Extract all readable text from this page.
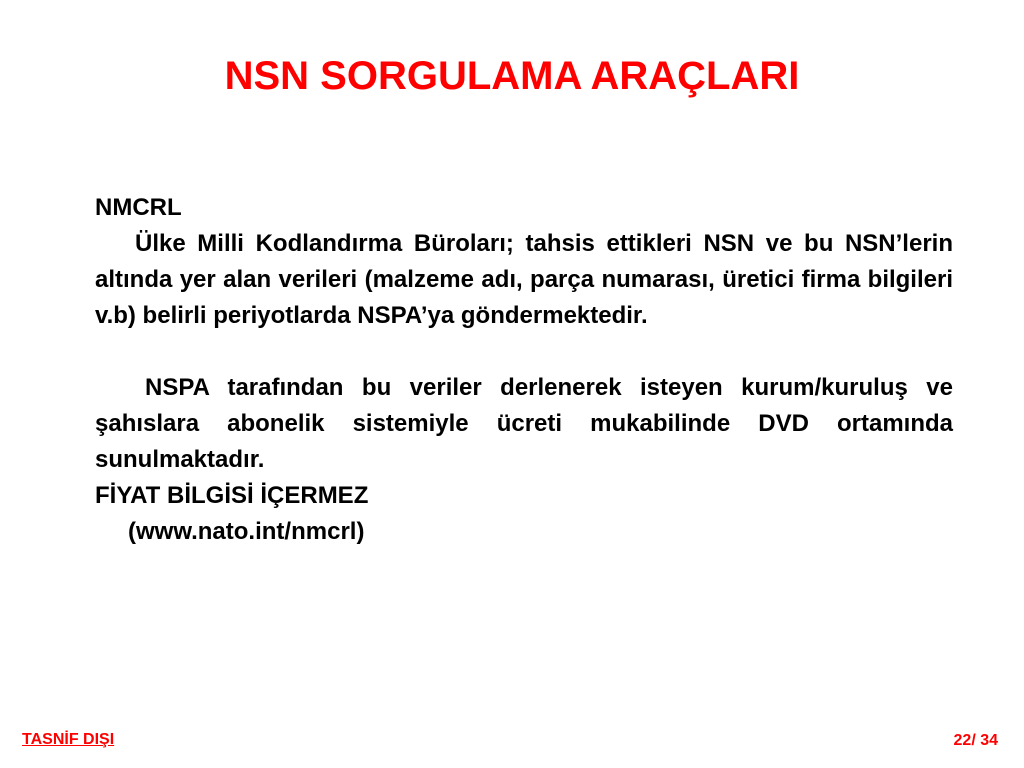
NSN SORGULAMA ARAÇLARI

NMCRL

Ülke Milli Kodlandırma Büroları; tahsis ettikleri NSN ve bu NSN’lerin altında yer alan verileri (malzeme adı, parça numarası, üretici firma bilgileri v.b) belirli periyotlarda NSPA’ya göndermektedir.

NSPA tarafından bu veriler derlenerek isteyen kurum/kuruluş ve şahıslara abonelik sistemiyle ücreti mukabilinde DVD ortamında sunulmaktadır.

FİYAT BİLGİSİ İÇERMEZ

(www.nato.int/nmcrl)

TASNİF DIŞI	22/ 34
